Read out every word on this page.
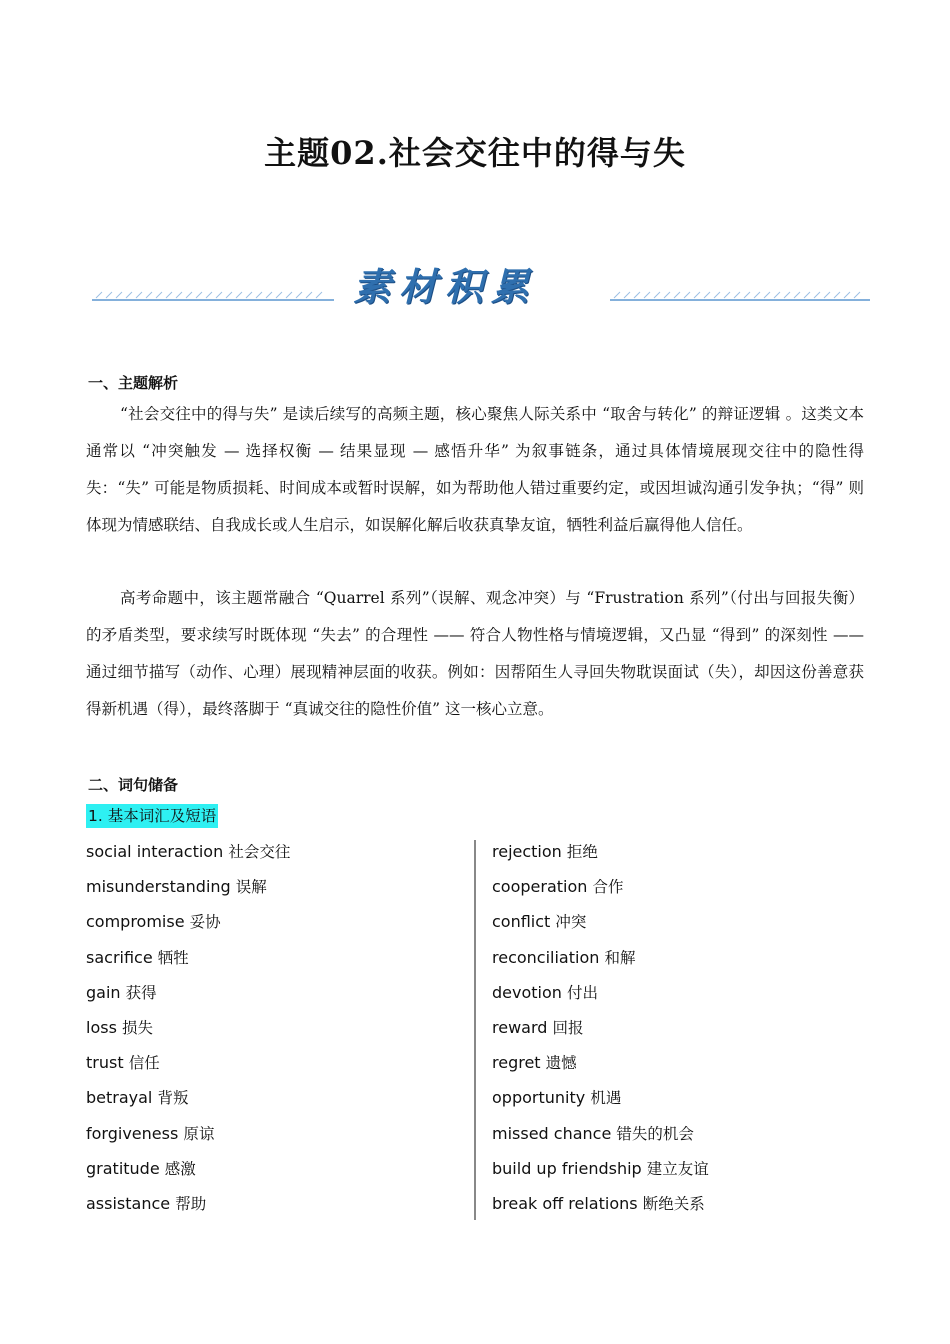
主题02.社会交往中的得与失
素材积累
一、主题解析

“社会交往中的得与失” 是读后续写的高频主题，核心聚焦人际关系中 “取舍与转化” 的辩证逻辑 。这类文本通常以 “冲突触发 — 选择权衡 — 结果显现 — 感悟升华” 为叙事链条，通过具体情境展现交往中的隐性得失：“失” 可能是物质损耗、时间成本或暂时误解，如为帮助他人错过重要约定，或因坦诚沟通引发争执；“得” 则体现为情感联结、自我成长或人生启示，如误解化解后收获真挚友谊，牺牲利益后赢得他人信任。

高考命题中，该主题常融合 “Quarrel 系列”（误解、观念冲突）与 “Frustration 系列”（付出与回报失衡）的矛盾类型，要求续写时既体现 “失去” 的合理性 —— 符合人物性格与情境逻辑，又凸显 “得到” 的深刻性 —— 通过细节描写（动作、心理）展现精神层面的收获。例如：因帮陌生人寻回失物耽误面试（失），却因这份善意获得新机遇（得），最终落脚于 “真诚交往的隐性价值” 这一核心立意。

二、词句储备
1. 基本词汇及短语
social interaction 社会交往
misunderstanding 误解
compromise 妥协
sacrifice 牺牲
gain 获得
loss 损失
trust 信任
betrayal 背叛
forgiveness 原谅
gratitude 感激
assistance 帮助
rejection 拒绝
cooperation 合作
conflict 冲突
reconciliation 和解
devotion 付出
reward 回报
regret 遗憾
opportunity 机遇
missed chance 错失的机会
build up friendship 建立友谊
break off relations 断绝关系
